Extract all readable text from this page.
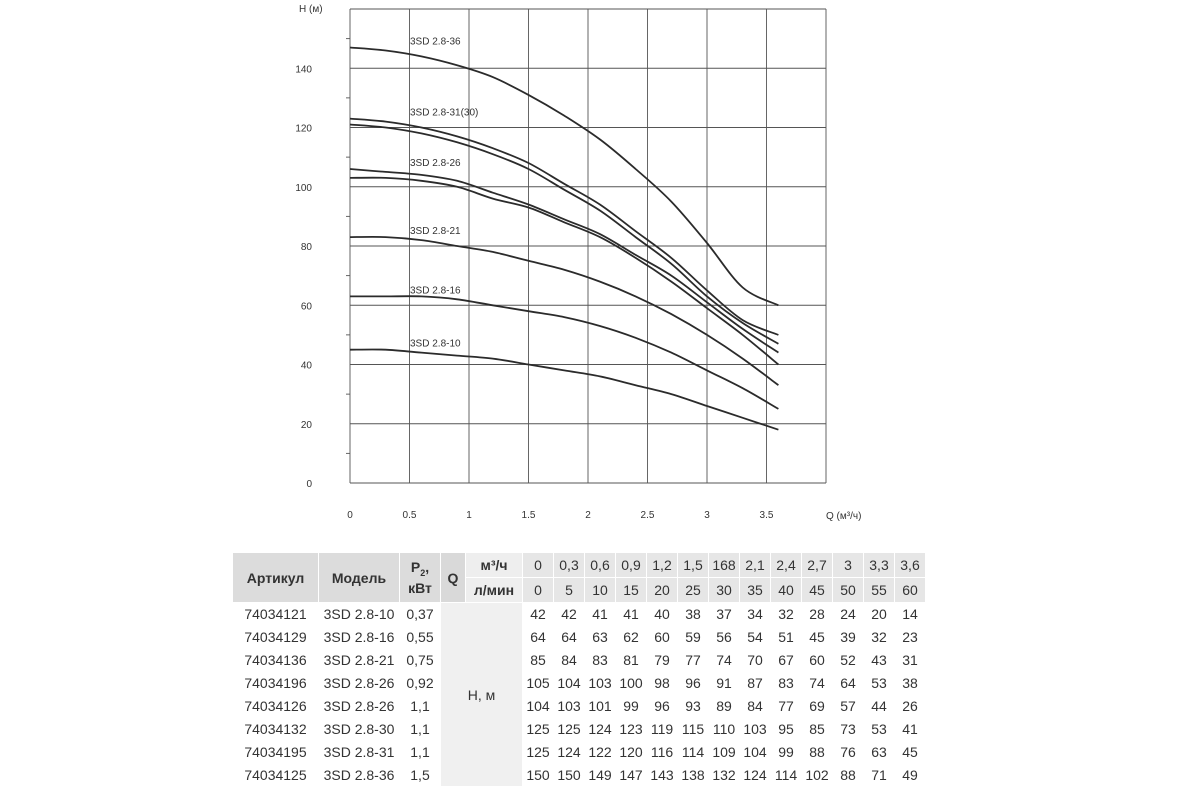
0	0.5	1	1.5	2	2.5	3	3.5
0
20
40
60
80
100
120
140
3SD 2.8-36
3SD 2.8-31(30)
3SD 2.8-26
3SD 2.8-21
3SD 2.8-16
3SD 2.8-10
H (м)
Q (м³/ч)
Артикул	Модель	$P_2$,
кВт	Q	м³/ч	0	0,3	0,6	0,9	1,2	1,5	168	2,1	2,4	2,7	3	3,3	3,6
				л/мин	0	5	10	15	20	25	30	35	40	45	50	55	60
74034121	3SD 2.8-10	0,37	Н, м		42	42	41	41	40	38	37	34	32	28	24	20	14
74034129	3SD 2.8-16	0,55			64	64	63	62	60	59	56	54	51	45	39	32	23
74034136	3SD 2.8-21	0,75			85	84	83	81	79	77	74	70	67	60	52	43	31
74034196	3SD 2.8-26	0,92			105	104	103	100	98	96	91	87	83	74	64	53	38
74034126	3SD 2.8-26	1,1			104	103	101	99	96	93	89	84	77	69	57	44	26
74034132	3SD 2.8-30	1,1			125	125	124	123	119	115	110	103	95	85	73	53	41
74034195	3SD 2.8-31	1,1			125	124	122	120	116	114	109	104	99	88	76	63	45
74034125	3SD 2.8-36	1,5			150	150	149	147	143	138	132	124	114	102	88	71	49
